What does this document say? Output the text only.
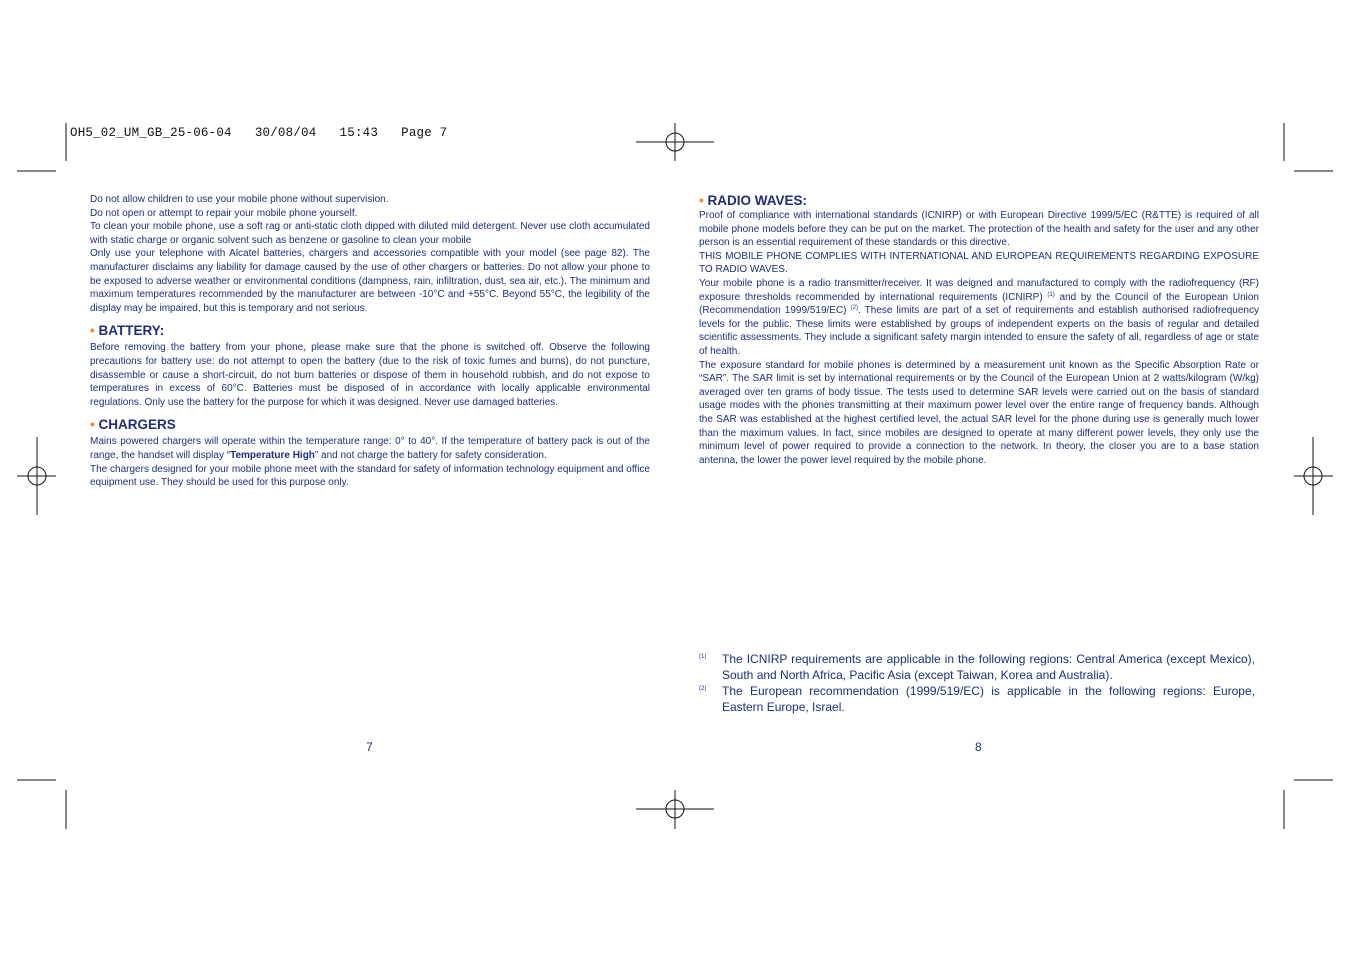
OH5_02_UM_GB_25-06-04   30/08/04   15:43   Page 7

Do not allow children to use your mobile phone without supervision.

Do not open or attempt to repair your mobile phone yourself.

To clean your mobile phone, use a soft rag or anti-static cloth dipped with diluted mild detergent. Never use cloth accumulated with static charge or organic solvent such as benzene or gasoline to clean your mobile

Only use your telephone with Alcatel batteries, chargers and accessories compatible with your model (see page 82). The manufacturer disclaims any liability for damage caused by the use of other chargers or batteries. Do not allow your phone to be exposed to adverse weather or environmental conditions (dampness, rain, infiltration, dust, sea air, etc.). The minimum and maximum temperatures recommended by the manufacturer are between -10°C and +55°C. Beyond 55°C, the legibility of the display may be impaired, but this is temporary and not serious.

• BATTERY:

Before removing the battery from your phone, please make sure that the phone is switched off. Observe the following precautions for battery use: do not attempt to open the battery (due to the risk of toxic fumes and burns), do not puncture, disassemble or cause a short-circuit, do not burn batteries or dispose of them in household rubbish, and do not expose to temperatures in excess of 60°C. Batteries must be disposed of in accordance with locally applicable environmental regulations. Only use the battery for the purpose for which it was designed. Never use damaged batteries.

• CHARGERS

Mains powered chargers will operate within the temperature range: 0° to 40°. If the temperature of battery pack is out of the range, the handset will display “Temperature High” and not charge the battery for safety consideration.

The chargers designed for your mobile phone meet with the standard for safety of information technology equipment and office equipment use. They should be used for this purpose only.

7
• RADIO WAVES:

Proof of compliance with international standards (ICNIRP) or with European Directive 1999/5/EC (R&TTE) is required of all mobile phone models before they can be put on the market. The protection of the health and safety for the user and any other person is an essential requirement of these standards or this directive.

THIS MOBILE PHONE COMPLIES WITH INTERNATIONAL AND EUROPEAN REQUIREMENTS REGARDING EXPOSURE TO RADIO WAVES.

Your mobile phone is a radio transmitter/receiver. It was deigned and manufactured to comply with the radiofrequency (RF) exposure thresholds recommended by international requirements (ICNIRP) $^{(1)}$ and by the Council of the European Union (Recommendation 1999/519/EC) $^{(2)}$. These limits are part of a set of requirements and establish authorised radiofrequency levels for the public. These limits were established by groups of independent experts on the basis of regular and detailed scientific assessments. They include a significant safety margin intended to ensure the safety of all, regardless of age or state of health.

The exposure standard for mobile phones is determined by a measurement unit known as the Specific Absorption Rate or “SAR”. The SAR limit is set by international requirements or by the Council of the European Union at 2 watts/kilogram (W/kg) averaged over ten grams of body tissue. The tests used to determine SAR levels were carried out on the basis of standard usage modes with the phones transmitting at their maximum power level over the entire range of frequency bands. Although the SAR was established at the highest certified level, the actual SAR level for the phone during use is generally much lower than the maximum values. In fact, since mobiles are designed to operate at many different power levels, they only use the minimum level of power required to provide a connection to the network. In theory, the closer you are to a base station antenna, the lower the power level required by the mobile phone.

(1)	The ICNIRP requirements are applicable in the following regions: Central America (except Mexico), South and North Africa, Pacific Asia (except Taiwan, Korea and Australia).
(2)	The European recommendation (1999/519/EC) is applicable in the following regions: Europe, Eastern Europe, Israel.
8
